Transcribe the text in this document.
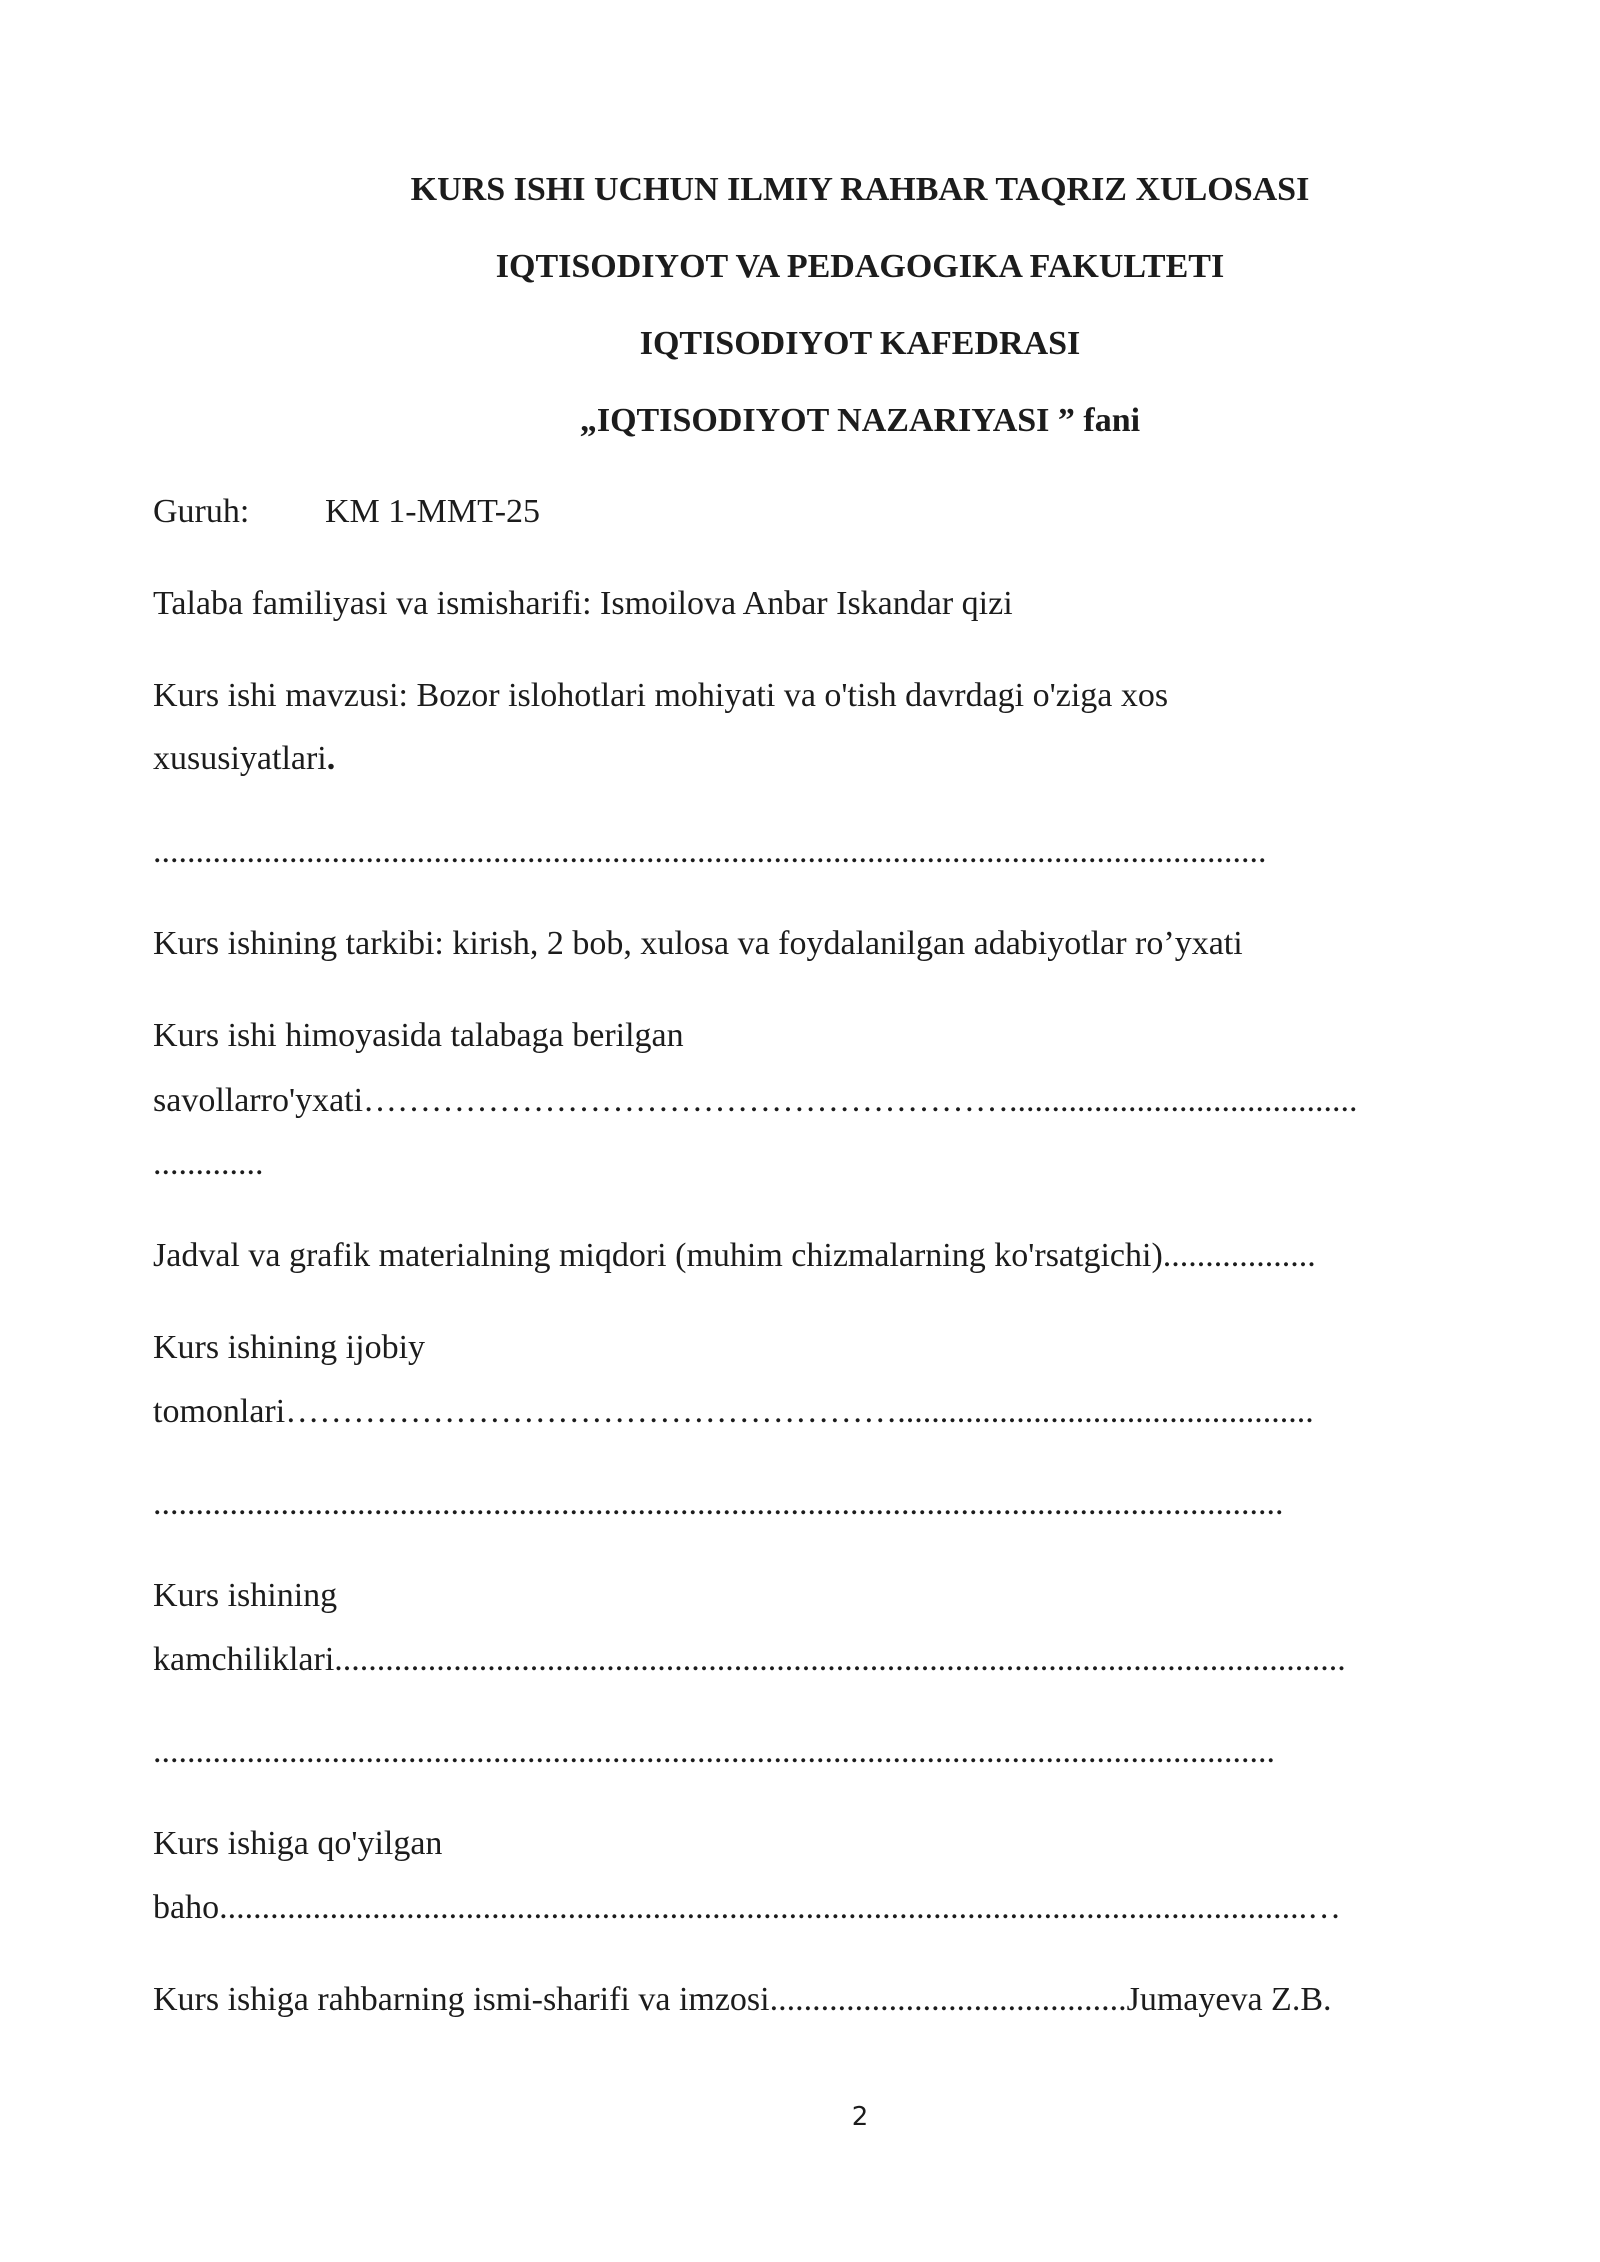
KURS ISHI UCHUN ILMIY RAHBAR TAQRIZ XULOSASI
IQTISODIYOT VA PEDAGOGIKA FAKULTETI
IQTISODIYOT KAFEDRASI
„IQTISODIYOT NAZARIYASI ” fani
Guruh: KM 1-MMT-25
Talaba familiyasi va ismisharifi: Ismoilova Anbar Iskandar qizi
Kurs ishi mavzusi: Bozor islohotlari mohiyati va o'tish davrdagi o'ziga xos
xususiyatlari.
...................................................................................................................................
Kurs ishining tarkibi: kirish, 2 bob, xulosa va foydalanilgan adabiyotlar ro’yxati
Kurs ishi himoyasida talabaga berilgan
savollarro'yxati………………………………………………….........................................
.............
Jadval va grafik materialning miqdori (muhim chizmalarning ko'rsatgichi)..................
Kurs ishining ijobiy
tomonlari……………………………………………….................................................
.....................................................................................................................................
Kurs ishining
kamchiliklari.......................................................................................................................
....................................................................................................................................
Kurs ishiga qo'yilgan
baho................................................................................................................................…
Kurs ishiga rahbarning ismi-sharifi va imzosi..........................................Jumayeva Z.B.
2
